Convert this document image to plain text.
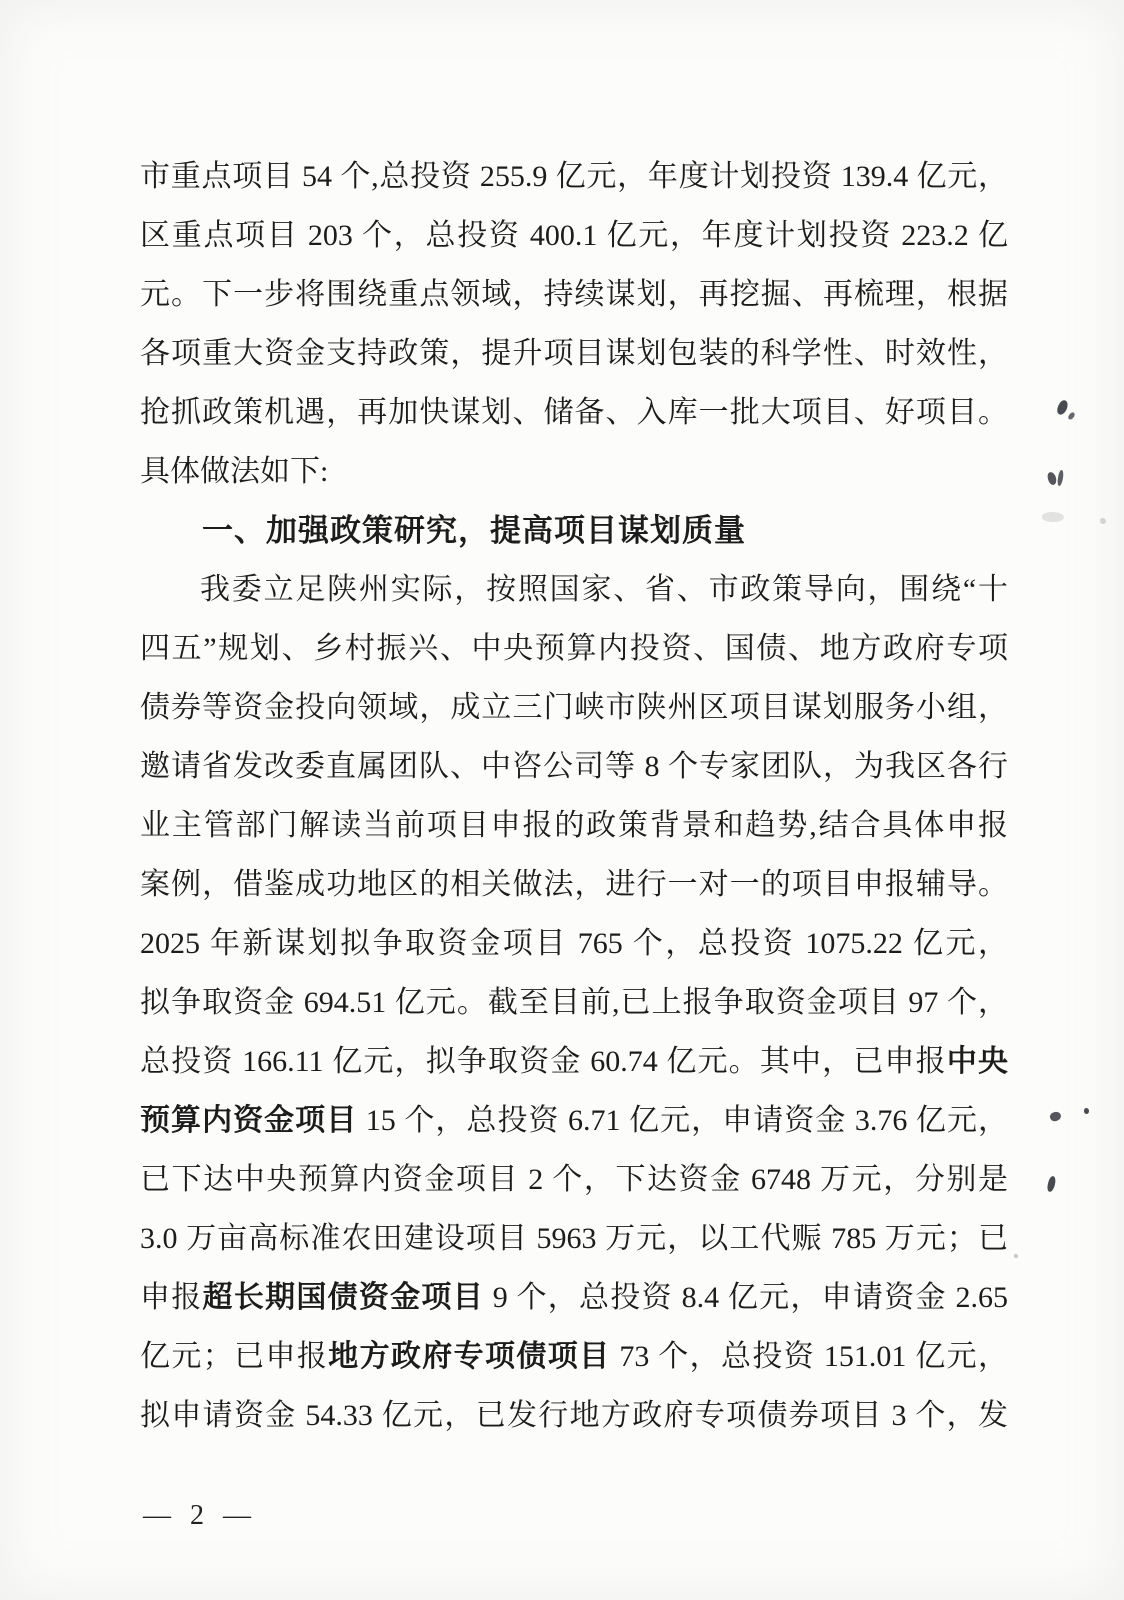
市重点项目 54 个,总投资 255.9 亿元，年度计划投资 139.4 亿元，
区重点项目 203 个，总投资 400.1 亿元，年度计划投资 223.2 亿
元。下一步将围绕重点领域，持续谋划，再挖掘、再梳理，根据
各项重大资金支持政策，提升项目谋划包装的科学性、时效性，
抢抓政策机遇，再加快谋划、储备、入库一批大项目、好项目。
具体做法如下:
一、加强政策研究，提高项目谋划质量
我委立足陕州实际，按照国家、省、市政策导向，围绕“十
四五”规划、乡村振兴、中央预算内投资、国债、地方政府专项
债券等资金投向领域，成立三门峡市陕州区项目谋划服务小组，
邀请省发改委直属团队、中咨公司等 8 个专家团队，为我区各行
业主管部门解读当前项目申报的政策背景和趋势,结合具体申报
案例，借鉴成功地区的相关做法，进行一对一的项目申报辅导。
2025 年新谋划拟争取资金项目 765 个，总投资 1075.22 亿元，
拟争取资金 694.51 亿元。截至目前,已上报争取资金项目 97 个，
总投资 166.11 亿元，拟争取资金 60.74 亿元。其中，已申报中央
预算内资金项目 15 个，总投资 6.71 亿元，申请资金 3.76 亿元，
已下达中央预算内资金项目 2 个，下达资金 6748 万元，分别是
3.0 万亩高标准农田建设项目 5963 万元，以工代赈 785 万元；已
申报超长期国债资金项目 9 个，总投资 8.4 亿元，申请资金 2.65
亿元；已申报地方政府专项债项目 73 个，总投资 151.01 亿元，
拟申请资金 54.33 亿元，已发行地方政府专项债券项目 3 个，发
— 2 —
